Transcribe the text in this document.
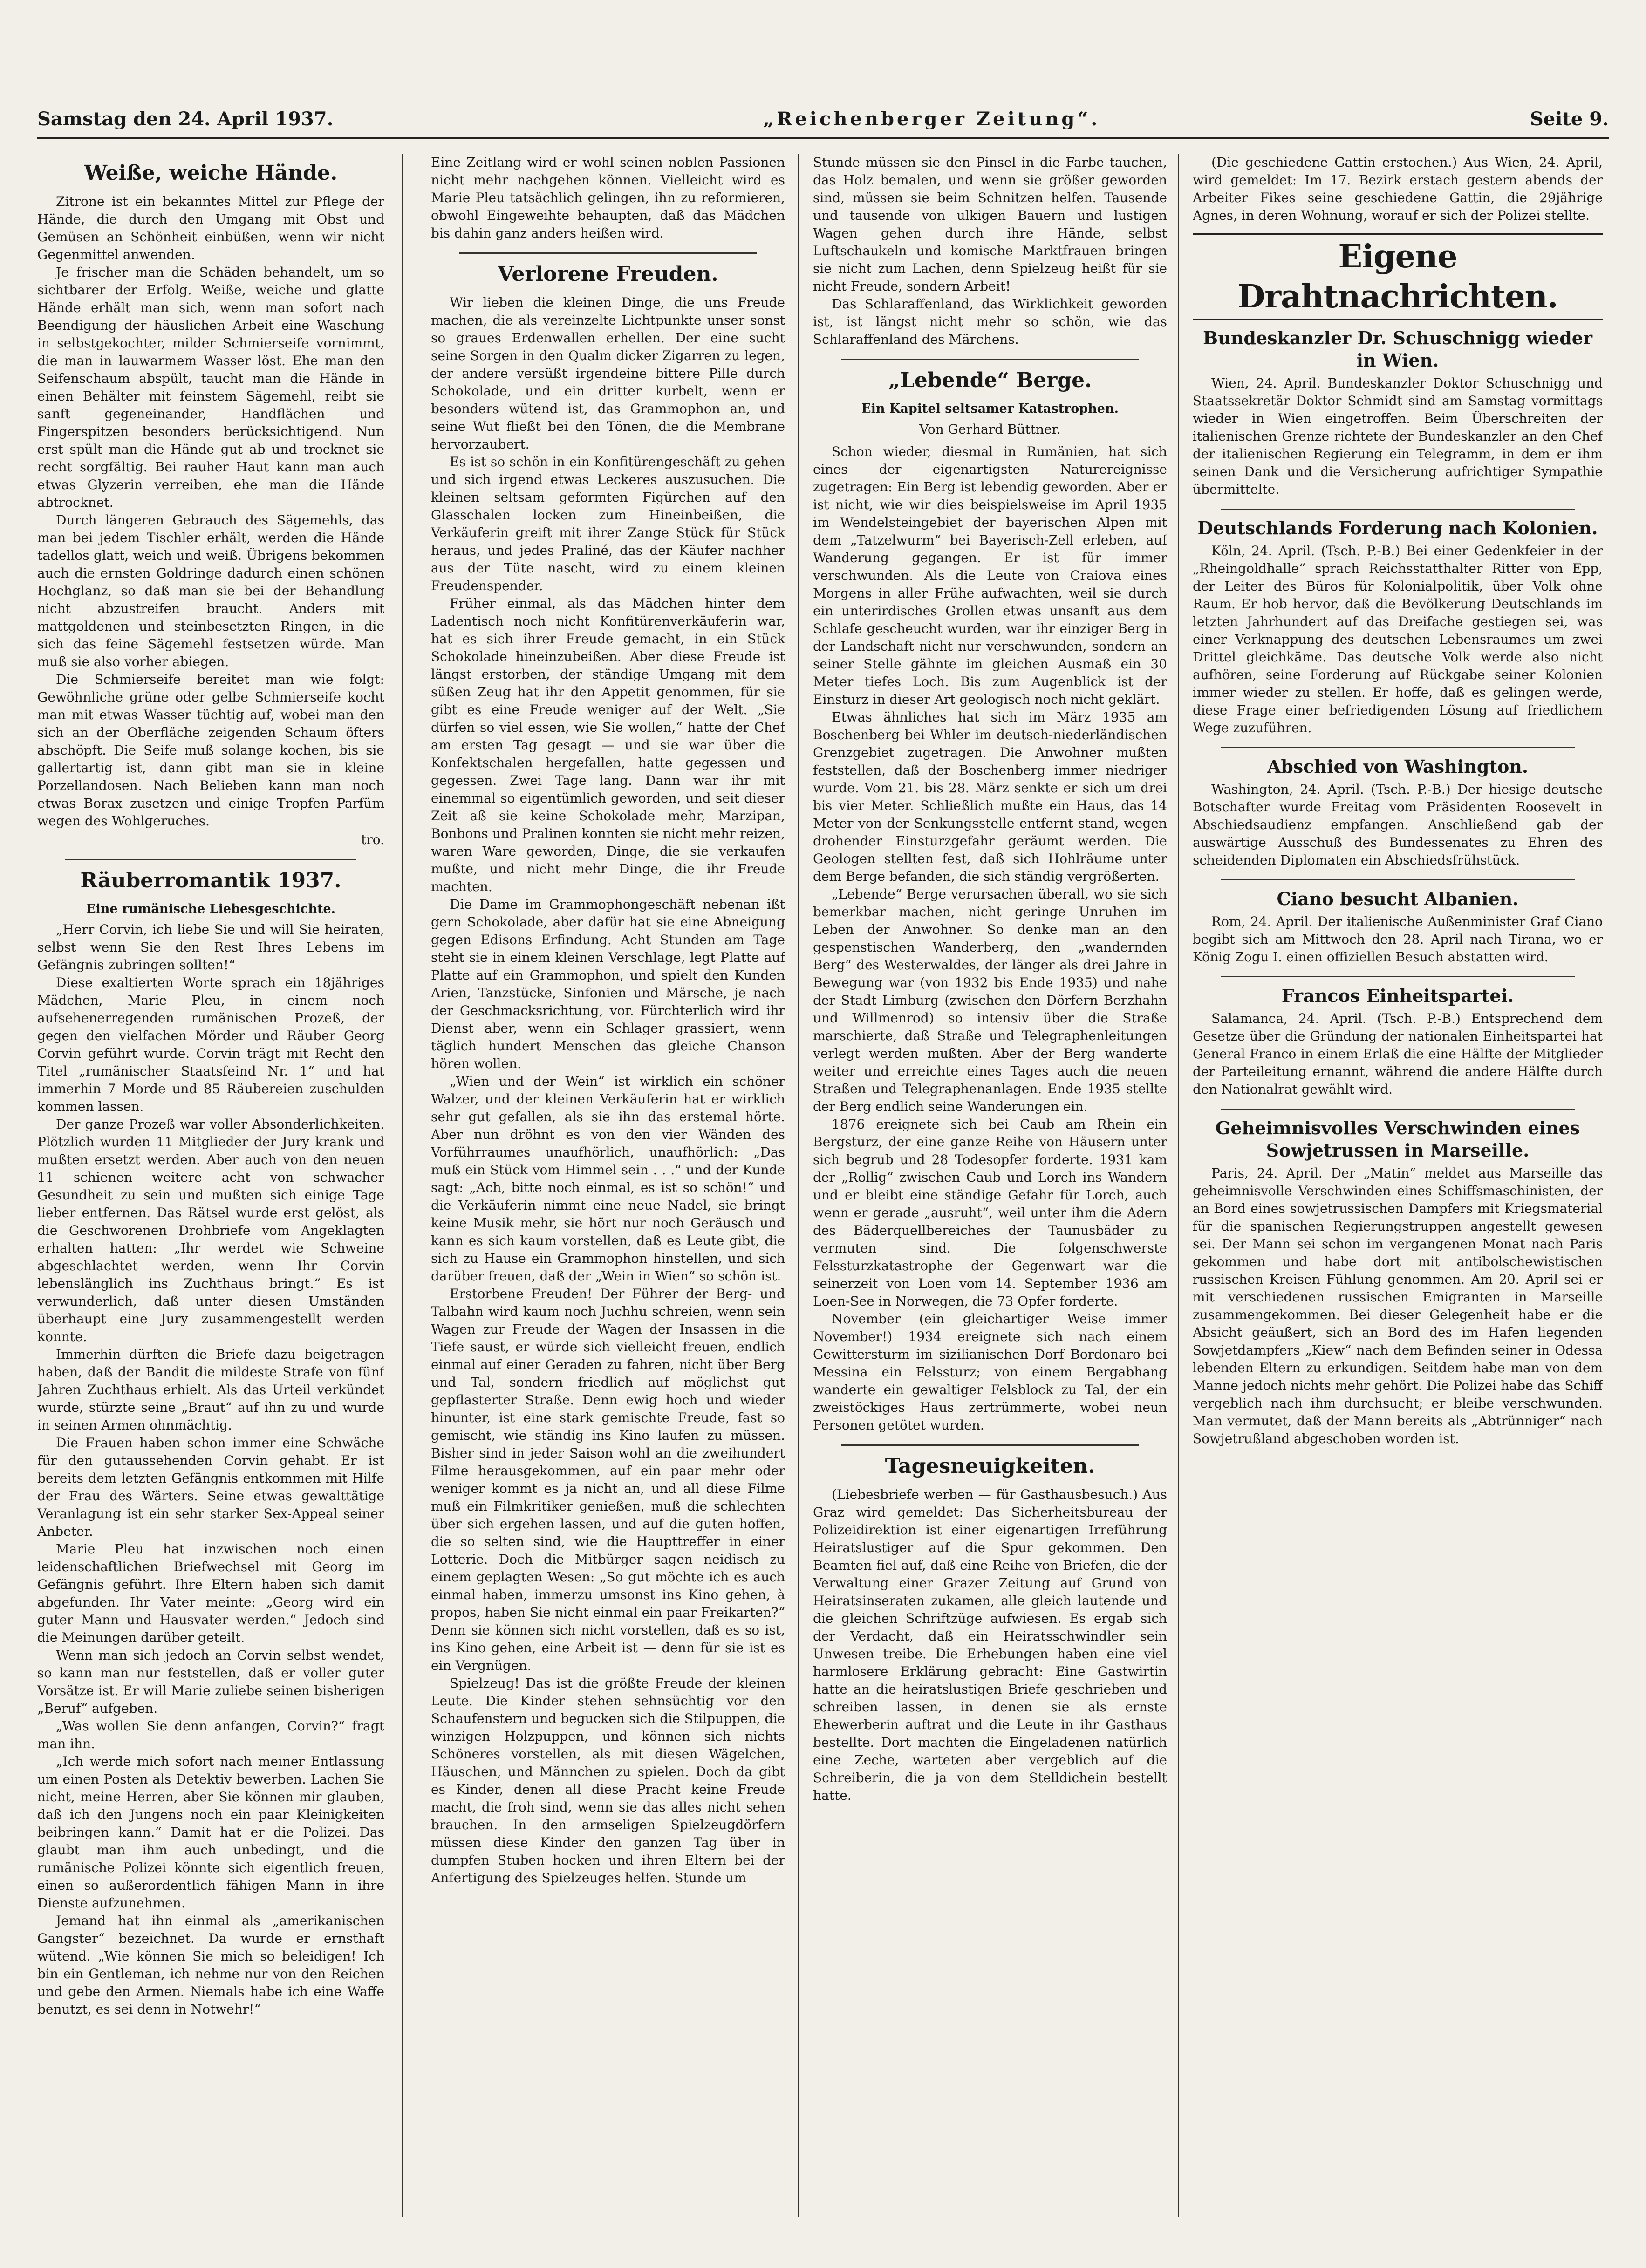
Samstag den 24. April 1937.	„Reichenberger Zeitung“.	Seite 9.
Weiße, weiche Hände.

Zitrone ist ein bekanntes Mittel zur Pflege der Hände, die durch den Umgang mit Obst und Gemüsen an Schönheit einbüßen, wenn wir nicht Gegenmittel anwenden.

Je frischer man die Schäden behandelt, um so sichtbarer der Erfolg. Weiße, weiche und glatte Hände erhält man sich, wenn man sofort nach Beendigung der häuslichen Arbeit eine Waschung in selbstgekochter, milder Schmierseife vornimmt, die man in lauwarmem Wasser löst. Ehe man den Seifenschaum abspült, taucht man die Hände in einen Behälter mit feinstem Sägemehl, reibt sie sanft gegeneinander, Handflächen und Fingerspitzen besonders berücksichtigend. Nun erst spült man die Hände gut ab und trocknet sie recht sorgfältig. Bei rauher Haut kann man auch etwas Glyzerin verreiben, ehe man die Hände abtrocknet.

Durch längeren Gebrauch des Sägemehls, das man bei jedem Tischler erhält, werden die Hände tadellos glatt, weich und weiß. Übrigens bekommen auch die ernsten Goldringe dadurch einen schönen Hochglanz, so daß man sie bei der Behandlung nicht abzustreifen braucht. Anders mit mattgoldenen und steinbesetzten Ringen, in die sich das feine Sägemehl festsetzen würde. Man muß sie also vorher abiegen.

Die Schmierseife bereitet man wie folgt: Gewöhnliche grüne oder gelbe Schmierseife kocht man mit etwas Wasser tüchtig auf, wobei man den sich an der Oberfläche zeigenden Schaum öfters abschöpft. Die Seife muß solange kochen, bis sie gallertartig ist, dann gibt man sie in kleine Porzellandosen. Nach Belieben kann man noch etwas Borax zusetzen und einige Tropfen Parfüm wegen des Wohlgeruches.

tro.
Räuberromantik 1937.
Eine rumänische Liebesgeschichte.

„Herr Corvin, ich liebe Sie und will Sie heiraten, selbst wenn Sie den Rest Ihres Lebens im Gefängnis zubringen sollten!“

Diese exaltierten Worte sprach ein 18jähriges Mädchen, Marie Pleu, in einem noch aufsehenerregenden rumänischen Prozeß, der gegen den vielfachen Mörder und Räuber Georg Corvin geführt wurde. Corvin trägt mit Recht den Titel „rumänischer Staatsfeind Nr. 1“ und hat immerhin 7 Morde und 85 Räubereien zuschulden kommen lassen.

Der ganze Prozeß war voller Absonderlichkeiten. Plötzlich wurden 11 Mitglieder der Jury krank und mußten ersetzt werden. Aber auch von den neuen 11 schienen weitere acht von schwacher Gesundheit zu sein und mußten sich einige Tage lieber entfernen. Das Rätsel wurde erst gelöst, als die Geschworenen Drohbriefe vom Angeklagten erhalten hatten: „Ihr werdet wie Schweine abgeschlachtet werden, wenn Ihr Corvin lebenslänglich ins Zuchthaus bringt.“ Es ist verwunderlich, daß unter diesen Umständen überhaupt eine Jury zusammengestellt werden konnte.

Immerhin dürften die Briefe dazu beigetragen haben, daß der Bandit die mildeste Strafe von fünf Jahren Zuchthaus erhielt. Als das Urteil verkündet wurde, stürzte seine „Braut“ auf ihn zu und wurde in seinen Armen ohnmächtig.

Die Frauen haben schon immer eine Schwäche für den gutaussehenden Corvin gehabt. Er ist bereits dem letzten Gefängnis entkommen mit Hilfe der Frau des Wärters. Seine etwas gewalttätige Veranlagung ist ein sehr starker Sex-Appeal seiner Anbeter.

Marie Pleu hat inzwischen noch einen leidenschaftlichen Briefwechsel mit Georg im Gefängnis geführt. Ihre Eltern haben sich damit abgefunden. Ihr Vater meinte: „Georg wird ein guter Mann und Hausvater werden.“ Jedoch sind die Meinungen darüber geteilt.

Wenn man sich jedoch an Corvin selbst wendet, so kann man nur feststellen, daß er voller guter Vorsätze ist. Er will Marie zuliebe seinen bisherigen „Beruf“ aufgeben.

„Was wollen Sie denn anfangen, Corvin?“ fragt man ihn.

„Ich werde mich sofort nach meiner Entlassung um einen Posten als Detektiv bewerben. Lachen Sie nicht, meine Herren, aber Sie können mir glauben, daß ich den Jungens noch ein paar Kleinigkeiten beibringen kann.“ Damit hat er die Polizei. Das glaubt man ihm auch unbedingt, und die rumänische Polizei könnte sich eigentlich freuen, einen so außerordentlich fähigen Mann in ihre Dienste aufzunehmen.

Jemand hat ihn einmal als „amerikanischen Gangster“ bezeichnet. Da wurde er ernsthaft wütend. „Wie können Sie mich so beleidigen! Ich bin ein Gentleman, ich nehme nur von den Reichen und gebe den Armen. Niemals habe ich eine Waffe benutzt, es sei denn in Notwehr!“

Eine Zeitlang wird er wohl seinen noblen Passionen nicht mehr nachgehen können. Vielleicht wird es Marie Pleu tatsächlich gelingen, ihn zu reformieren, obwohl Eingeweihte behaupten, daß das Mädchen bis dahin ganz anders heißen wird.

Verlorene Freuden.

Wir lieben die kleinen Dinge, die uns Freude machen, die als vereinzelte Lichtpunkte unser sonst so graues Erdenwallen erhellen. Der eine sucht seine Sorgen in den Qualm dicker Zigarren zu legen, der andere versüßt irgendeine bittere Pille durch Schokolade, und ein dritter kurbelt, wenn er besonders wütend ist, das Grammophon an, und seine Wut fließt bei den Tönen, die die Membrane hervorzaubert.

Es ist so schön in ein Konfitürengeschäft zu gehen und sich irgend etwas Leckeres auszusuchen. Die kleinen seltsam geformten Figürchen auf den Glasschalen locken zum Hineinbeißen, die Verkäuferin greift mit ihrer Zange Stück für Stück heraus, und jedes Praliné, das der Käufer nachher aus der Tüte nascht, wird zu einem kleinen Freudenspender.

Früher einmal, als das Mädchen hinter dem Ladentisch noch nicht Konfitürenverkäuferin war, hat es sich ihrer Freude gemacht, in ein Stück Schokolade hineinzubeißen. Aber diese Freude ist längst erstorben, der ständige Umgang mit dem süßen Zeug hat ihr den Appetit genommen, für sie gibt es eine Freude weniger auf der Welt. „Sie dürfen so viel essen, wie Sie wollen,“ hatte der Chef am ersten Tag gesagt — und sie war über die Konfektschalen hergefallen, hatte gegessen und gegessen. Zwei Tage lang. Dann war ihr mit einemmal so eigentümlich geworden, und seit dieser Zeit aß sie keine Schokolade mehr, Marzipan, Bonbons und Pralinen konnten sie nicht mehr reizen, waren Ware geworden, Dinge, die sie verkaufen mußte, und nicht mehr Dinge, die ihr Freude machten.

Die Dame im Grammophongeschäft nebenan ißt gern Schokolade, aber dafür hat sie eine Abneigung gegen Edisons Erfindung. Acht Stunden am Tage steht sie in einem kleinen Verschlage, legt Platte auf Platte auf ein Grammophon, und spielt den Kunden Arien, Tanzstücke, Sinfonien und Märsche, je nach der Geschmacksrichtung, vor. Fürchterlich wird ihr Dienst aber, wenn ein Schlager grassiert, wenn täglich hundert Menschen das gleiche Chanson hören wollen.

„Wien und der Wein“ ist wirklich ein schöner Walzer, und der kleinen Verkäuferin hat er wirklich sehr gut gefallen, als sie ihn das erstemal hörte. Aber nun dröhnt es von den vier Wänden des Vorführraumes unaufhörlich, unaufhörlich: „Das muß ein Stück vom Himmel sein . . .“ und der Kunde sagt: „Ach, bitte noch einmal, es ist so schön!“ und die Verkäuferin nimmt eine neue Nadel, sie bringt keine Musik mehr, sie hört nur noch Geräusch und kann es sich kaum vorstellen, daß es Leute gibt, die sich zu Hause ein Grammophon hinstellen, und sich darüber freuen, daß der „Wein in Wien“ so schön ist.

Erstorbene Freuden! Der Führer der Berg- und Talbahn wird kaum noch Juchhu schreien, wenn sein Wagen zur Freude der Wagen der Insassen in die Tiefe saust, er würde sich vielleicht freuen, endlich einmal auf einer Geraden zu fahren, nicht über Berg und Tal, sondern friedlich auf möglichst gut gepflasterter Straße. Denn ewig hoch und wieder hinunter, ist eine stark gemischte Freude, fast so gemischt, wie ständig ins Kino laufen zu müssen. Bisher sind in jeder Saison wohl an die zweihundert Filme herausgekommen, auf ein paar mehr oder weniger kommt es ja nicht an, und all diese Filme muß ein Filmkritiker genießen, muß die schlechten über sich ergehen lassen, und auf die guten hoffen, die so selten sind, wie die Haupttreffer in einer Lotterie. Doch die Mitbürger sagen neidisch zu einem geplagten Wesen: „So gut möchte ich es auch einmal haben, immerzu umsonst ins Kino gehen, à propos, haben Sie nicht einmal ein paar Freikarten?“ Denn sie können sich nicht vorstellen, daß es so ist, ins Kino gehen, eine Arbeit ist — denn für sie ist es ein Vergnügen.

Spielzeug! Das ist die größte Freude der kleinen Leute. Die Kinder stehen sehnsüchtig vor den Schaufenstern und begucken sich die Stilpuppen, die winzigen Holzpuppen, und können sich nichts Schöneres vorstellen, als mit diesen Wägelchen, Häuschen, und Männchen zu spielen. Doch da gibt es Kinder, denen all diese Pracht keine Freude macht, die froh sind, wenn sie das alles nicht sehen brauchen. In den armseligen Spielzeugdörfern müssen diese Kinder den ganzen Tag über in dumpfen Stuben hocken und ihren Eltern bei der Anfertigung des Spielzeuges helfen. Stunde um

Stunde müssen sie den Pinsel in die Farbe tauchen, das Holz bemalen, und wenn sie größer geworden sind, müssen sie beim Schnitzen helfen. Tausende und tausende von ulkigen Bauern und lustigen Wagen gehen durch ihre Hände, selbst Luftschaukeln und komische Marktfrauen bringen sie nicht zum Lachen, denn Spielzeug heißt für sie nicht Freude, sondern Arbeit!

Das Schlaraffenland, das Wirklichkeit geworden ist, ist längst nicht mehr so schön, wie das Schlaraffenland des Märchens.

„Lebende“ Berge.
Ein Kapitel seltsamer Katastrophen.
Von Gerhard Büttner.

Schon wieder, diesmal in Rumänien, hat sich eines der eigenartigsten Naturereignisse zugetragen: Ein Berg ist lebendig geworden. Aber er ist nicht, wie wir dies beispielsweise im April 1935 im Wendelsteingebiet der bayerischen Alpen mit dem „Tatzelwurm“ bei Bayerisch-Zell erleben, auf Wanderung gegangen. Er ist für immer verschwunden. Als die Leute von Craiova eines Morgens in aller Frühe aufwachten, weil sie durch ein unterirdisches Grollen etwas unsanft aus dem Schlafe gescheucht wurden, war ihr einziger Berg in der Landschaft nicht nur verschwunden, sondern an seiner Stelle gähnte im gleichen Ausmaß ein 30 Meter tiefes Loch. Bis zum Augenblick ist der Einsturz in dieser Art geologisch noch nicht geklärt.

Etwas ähnliches hat sich im März 1935 am Boschenberg bei Whler im deutsch-niederländischen Grenzgebiet zugetragen. Die Anwohner mußten feststellen, daß der Boschenberg immer niedriger wurde. Vom 21. bis 28. März senkte er sich um drei bis vier Meter. Schließlich mußte ein Haus, das 14 Meter von der Senkungsstelle entfernt stand, wegen drohender Einsturzgefahr geräumt werden. Die Geologen stellten fest, daß sich Hohlräume unter dem Berge befanden, die sich ständig vergrößerten.

„Lebende“ Berge verursachen überall, wo sie sich bemerkbar machen, nicht geringe Unruhen im Leben der Anwohner. So denke man an den gespenstischen Wanderberg, den „wandernden Berg“ des Westerwaldes, der länger als drei Jahre in Bewegung war (von 1932 bis Ende 1935) und nahe der Stadt Limburg (zwischen den Dörfern Berzhahn und Willmenrod) so intensiv über die Straße marschierte, daß Straße und Telegraphenleitungen verlegt werden mußten. Aber der Berg wanderte weiter und erreichte eines Tages auch die neuen Straßen und Telegraphenanlagen. Ende 1935 stellte der Berg endlich seine Wanderungen ein.

1876 ereignete sich bei Caub am Rhein ein Bergsturz, der eine ganze Reihe von Häusern unter sich begrub und 28 Todesopfer forderte. 1931 kam der „Rollig“ zwischen Caub und Lorch ins Wandern und er bleibt eine ständige Gefahr für Lorch, auch wenn er gerade „ausruht“, weil unter ihm die Adern des Bäderquellbereiches der Taunusbäder zu vermuten sind. Die folgenschwerste Felssturzkatastrophe der Gegenwart war die seinerzeit von Loen vom 14. September 1936 am Loen-See in Norwegen, die 73 Opfer forderte.

November (ein gleichartiger Weise immer November!) 1934 ereignete sich nach einem Gewittersturm im sizilianischen Dorf Bordonaro bei Messina ein Felssturz; von einem Bergabhang wanderte ein gewaltiger Felsblock zu Tal, der ein zweistöckiges Haus zertrümmerte, wobei neun Personen getötet wurden.

Tagesneuigkeiten.

(Liebesbriefe werben — für Gasthausbesuch.) Aus Graz wird gemeldet: Das Sicherheitsbureau der Polizeidirektion ist einer eigenartigen Irreführung Heiratslustiger auf die Spur gekommen. Den Beamten fiel auf, daß eine Reihe von Briefen, die der Verwaltung einer Grazer Zeitung auf Grund von Heiratsinseraten zukamen, alle gleich lautende und die gleichen Schriftzüge aufwiesen. Es ergab sich der Verdacht, daß ein Heiratsschwindler sein Unwesen treibe. Die Erhebungen haben eine viel harmlosere Erklärung gebracht: Eine Gastwirtin hatte an die heiratslustigen Briefe geschrieben und schreiben lassen, in denen sie als ernste Ehewerberin auftrat und die Leute in ihr Gasthaus bestellte. Dort machten die Eingeladenen natürlich eine Zeche, warteten aber vergeblich auf die Schreiberin, die ja von dem Stelldichein bestellt hatte.

(Die geschiedene Gattin erstochen.) Aus Wien, 24. April, wird gemeldet: Im 17. Bezirk erstach gestern abends der Arbeiter Fikes seine geschiedene Gattin, die 29jährige Agnes, in deren Wohnung, worauf er sich der Polizei stellte.

Eigene Drahtnachrichten.
Bundeskanzler Dr. Schuschnigg wieder in Wien.

Wien, 24. April. Bundeskanzler Doktor Schuschnigg und Staatssekretär Doktor Schmidt sind am Samstag vormittags wieder in Wien eingetroffen. Beim Überschreiten der italienischen Grenze richtete der Bundeskanzler an den Chef der italienischen Regierung ein Telegramm, in dem er ihm seinen Dank und die Versicherung aufrichtiger Sympathie übermittelte.

Deutschlands Forderung nach Kolonien.

Köln, 24. April. (Tsch. P.-B.) Bei einer Gedenkfeier in der „Rheingoldhalle“ sprach Reichsstatthalter Ritter von Epp, der Leiter des Büros für Kolonialpolitik, über Volk ohne Raum. Er hob hervor, daß die Bevölkerung Deutschlands im letzten Jahrhundert auf das Dreifache gestiegen sei, was einer Verknappung des deutschen Lebensraumes um zwei Drittel gleichkäme. Das deutsche Volk werde also nicht aufhören, seine Forderung auf Rückgabe seiner Kolonien immer wieder zu stellen. Er hoffe, daß es gelingen werde, diese Frage einer befriedigenden Lösung auf friedlichem Wege zuzuführen.

Abschied von Washington.

Washington, 24. April. (Tsch. P.-B.) Der hiesige deutsche Botschafter wurde Freitag vom Präsidenten Roosevelt in Abschiedsaudienz empfangen. Anschließend gab der auswärtige Ausschuß des Bundessenates zu Ehren des scheidenden Diplomaten ein Abschiedsfrühstück.

Ciano besucht Albanien.

Rom, 24. April. Der italienische Außenminister Graf Ciano begibt sich am Mittwoch den 28. April nach Tirana, wo er König Zogu I. einen offiziellen Besuch abstatten wird.

Francos Einheitspartei.

Salamanca, 24. April. (Tsch. P.-B.) Entsprechend dem Gesetze über die Gründung der nationalen Einheitspartei hat General Franco in einem Erlaß die eine Hälfte der Mitglieder der Parteileitung ernannt, während die andere Hälfte durch den Nationalrat gewählt wird.

Geheimnisvolles Verschwinden eines Sowjetrussen in Marseille.

Paris, 24. April. Der „Matin“ meldet aus Marseille das geheimnisvolle Verschwinden eines Schiffsmaschinisten, der an Bord eines sowjetrussischen Dampfers mit Kriegsmaterial für die spanischen Regierungstruppen angestellt gewesen sei. Der Mann sei schon im vergangenen Monat nach Paris gekommen und habe dort mit antibolschewistischen russischen Kreisen Fühlung genommen. Am 20. April sei er mit verschiedenen russischen Emigranten in Marseille zusammengekommen. Bei dieser Gelegenheit habe er die Absicht geäußert, sich an Bord des im Hafen liegenden Sowjetdampfers „Kiew“ nach dem Befinden seiner in Odessa lebenden Eltern zu erkundigen. Seitdem habe man von dem Manne jedoch nichts mehr gehört. Die Polizei habe das Schiff vergeblich nach ihm durchsucht; er bleibe verschwunden. Man vermutet, daß der Mann bereits als „Abtrünniger“ nach Sowjetrußland abgeschoben worden ist.
